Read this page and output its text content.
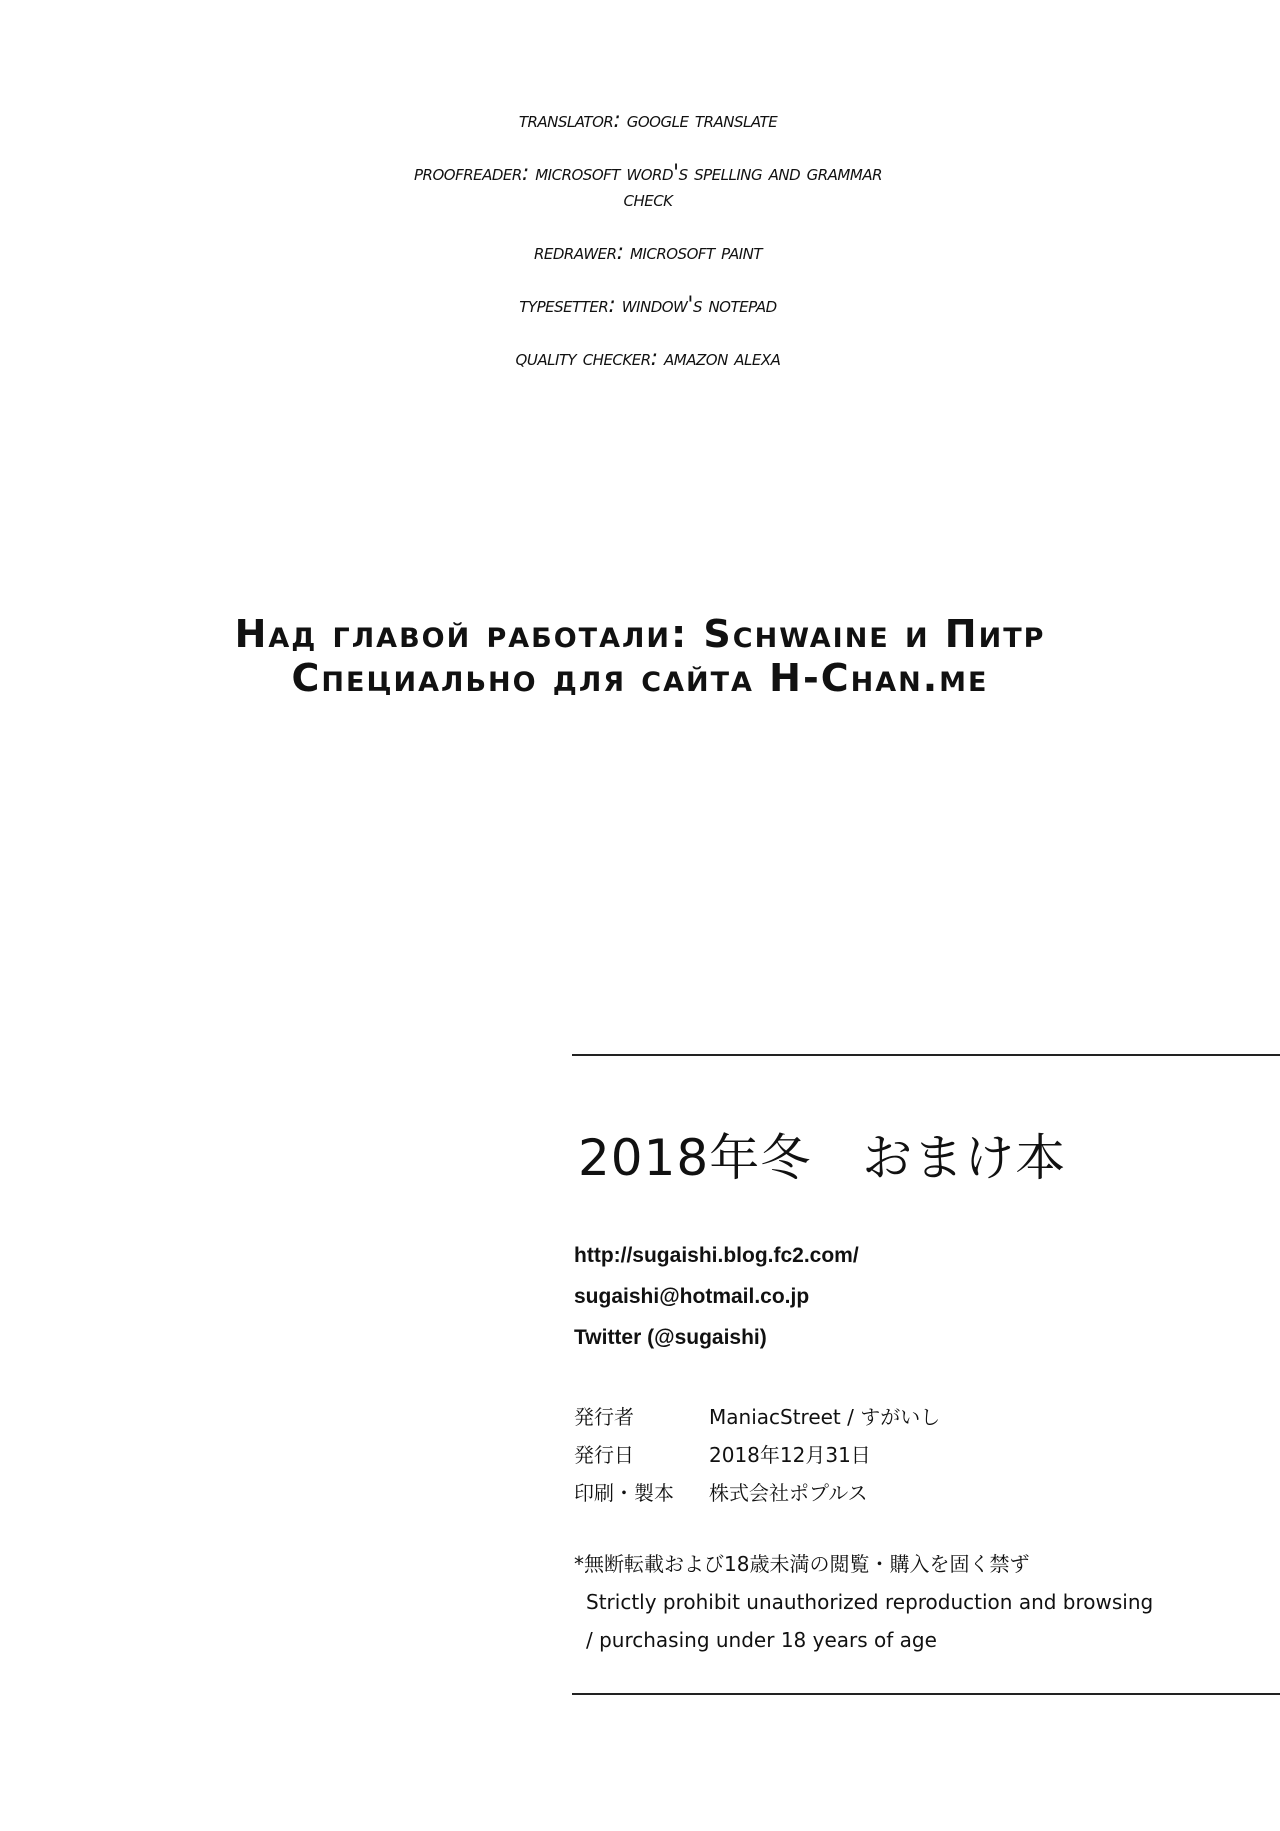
translator: google translate
proofreader: microsoft word's spelling and grammar check
redrawer: microsoft paint
typesetter: window's notepad
quality checker: amazon alexa
Над главой работали: Schwaine и Питр
Специально для сайта H-Chan.me
2018年冬　おまけ本
http://sugaishi.blog.fc2.com/
sugaishi@hotmail.co.jp
Twitter (@sugaishi)
発行者	ManiacStreet / すがいし
発行日	2018年12月31日
印刷・製本	株式会社ポプルス
*無断転載および18歳未満の閲覧・購入を固く禁ず
Strictly prohibit unauthorized reproduction and browsing
/ purchasing under 18 years of age
